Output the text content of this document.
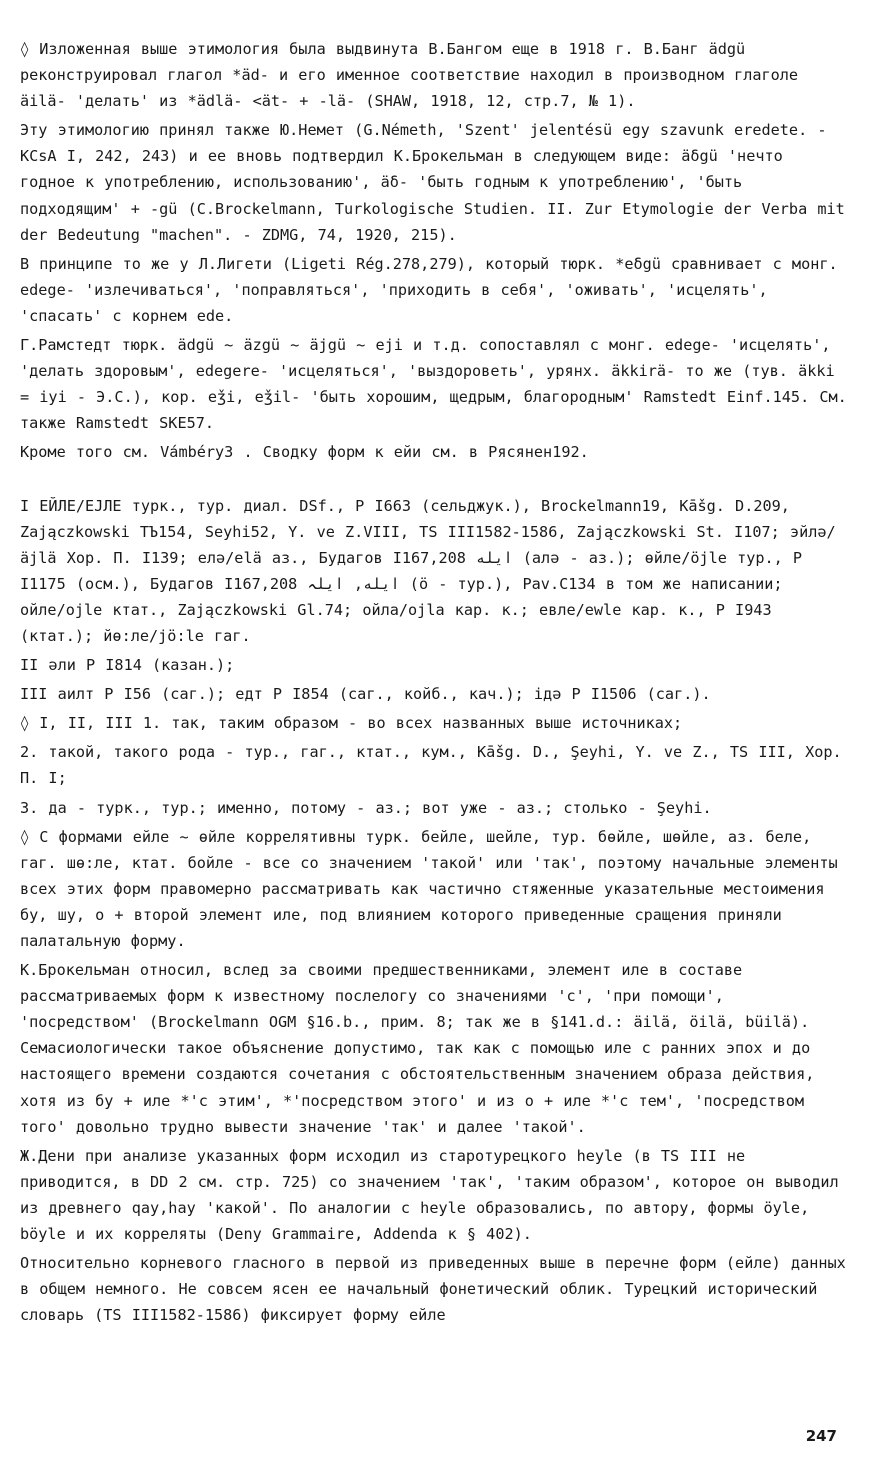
◊ Изложенная выше этимология была выдвинута В.Бангом еще в 1918 г. В.Банг ädgü реконструировал глагол *äd- и его именное соответствие находил в производном глаголе äilä- 'делать' из *ädlä- <ät- + -lä- (SHAW, 1918, 12, стр.7, № 1).

Эту этимологию принял также Ю.Немет (G.Németh, 'Szent' jelentésü egy szavunk eredete. - KCsA I, 242, 243) и ее вновь подтвердил К.Брокельман в следующем виде: äδgü 'нечто годное к употреблению, использованию', äδ- 'быть годным к употреблению', 'быть подходящим' + -gü (C.Brockelmann, Turkologische Studien. II. Zur Etymologie der Verba mit der Bedeutung "machen". - ZDMG, 74, 1920, 215).

В принципе то же у Л.Лигети (Ligeti Rég.278,279), который тюрк. *eδgü сравнивает с монг. edege- 'излечиваться', 'поправляться', 'приходить в себя', 'оживать', 'исцелять', 'спасать' с корнем ede.

Г.Рамстедт тюрк. ädgü ~ äzgü ~ äjgü ~ eji и т.д. сопоставлял с монг. edege- 'исцелять', 'делать здоровым', edegere- 'исцеляться', 'выздороветь', урянх. äkkirä- то же (тув. äkki = iyi - Э.С.), кор. eǯi, eǯil- 'быть хорошим, щедрым, благородным' Ramstedt Einf.145. См. также Ramstedt SKE57.

Кроме того см. Vámbéry3 . Сводку форм к ейи см. в Рясянен192.

I ЕЙЛЕ/ЕЈЛЕ турк., тур. диал. DSf., Р I663 (сельджук.), Brockelmann19, Kāšg. D.209, Zajączkowski ТЪ154, Seyhi52, Y. ve Z.VIII, TS III1582-1586, Zajączkowski St. I107; эйлә/äjlä Хор. П. I139; елә/elä аз., Будагов I167,208 ایله (алә - аз.); өйле/öjle тур., Р I1175 (осм.), Будагов I167,208 ایله, ایلہ (ӧ - тур.), Pav.C134 в том же написании; ойле/ojle ктат., Zajączkowski Gl.74; ойла/ojla кар. к.; евле/ewle кар. к., Р I943 (ктат.); йө:ле/jö:le гаг.

II әли Р I814 (казан.);

III аилт Р I56 (саг.); едт Р I854 (саг., койб., кач.); ідә Р I1506 (саг.).

◊ I, II, III 1. так, таким образом - во всех названных выше источниках;

2. такой, такого рода - тур., гаг., ктат., кум., Kāšg. D., Şeyhi, Y. ve Z., TS III, Хор. П. I;

3. да - турк., тур.; именно, потому - аз.; вот уже - аз.; столько - Şeyhi.

◊ С формами ейле ~ өйле коррелятивны турк. бейле, шейле, тур. бөйле, шөйле, аз. беле, гаг. шө:ле, ктат. бойле - все со значением 'такой' или 'так', поэтому начальные элементы всех этих форм правомерно рассматривать как частично стяженные указательные местоимения бу, шу, о + второй элемент иле, под влиянием которого приведенные сращения приняли палатальную форму.

К.Брокельман относил, вслед за своими предшественниками, элемент иле в составе рассматриваемых форм к известному послелогу со значениями 'с', 'при помощи', 'посредством' (Brockelmann OGM §16.b., прим. 8; так же в §141.d.: äilä, öilä, büilä). Семасиологически такое объяснение допустимо, так как с помощью иле с ранних эпох и до настоящего времени создаются сочетания с обстоятельственным значением образа действия, хотя из бу + иле *'с этим', *'посредством этого' и из о + иле *'с тем', 'посредством того' довольно трудно вывести значение 'так' и далее 'такой'.

Ж.Дени при анализе указанных форм исходил из старотурецкого heyle (в TS III не приводится, в DD 2 см. стр. 725) со значением 'так', 'таким образом', которое он выводил из древнего qay,hay 'какой'. По аналогии с heyle образовались, по автору, формы öyle, böyle и их корреляты (Deny Grammaire, Addenda к § 402).

Относительно корневого гласного в первой из приведенных выше в перечне форм (ейле) данных в общем немного. Не совсем ясен ее начальный фонетический облик. Турецкий исторический словарь (TS III1582-1586) фиксирует форму ейле

247
